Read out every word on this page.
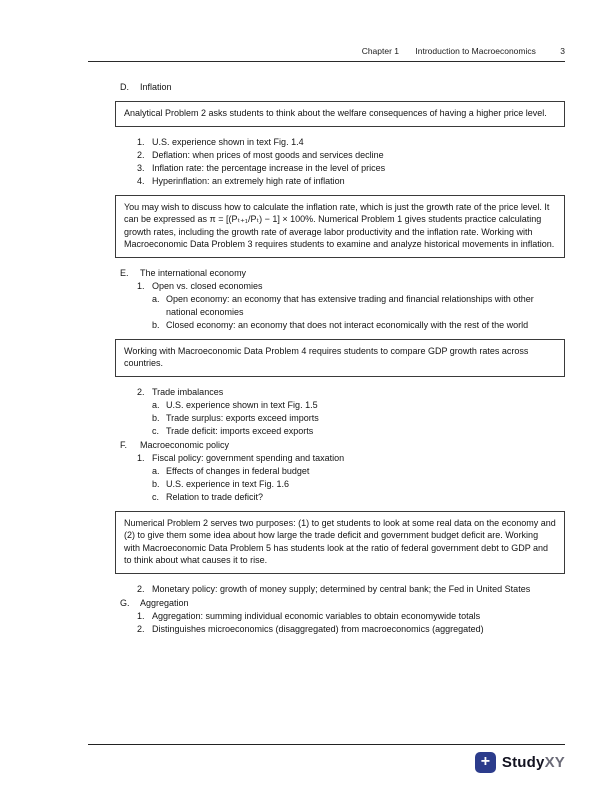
Chapter 1 Introduction to Macroeconomics	3
D.	Inflation
Analytical Problem 2 asks students to think about the welfare consequences of having a higher price level.
1. U.S. experience shown in text Fig. 1.4
2. Deflation: when prices of most goods and services decline
3. Inflation rate: the percentage increase in the level of prices
4. Hyperinflation: an extremely high rate of inflation
You may wish to discuss how to calculate the inflation rate, which is just the growth rate of the price level. It can be expressed as π = [(Pₜ₊₁/Pₜ) − 1] × 100%. Numerical Problem 1 gives students practice calculating growth rates, including the growth rate of average labor productivity and the inflation rate. Working with Macroeconomic Data Problem 3 requires students to examine and analyze historical movements in inflation.
E.	The international economy
1. Open vs. closed economies
a. Open economy: an economy that has extensive trading and financial relationships with other national economies
b. Closed economy: an economy that does not interact economically with the rest of the world
Working with Macroeconomic Data Problem 4 requires students to compare GDP growth rates across countries.
2. Trade imbalances
a. U.S. experience shown in text Fig. 1.5
b. Trade surplus: exports exceed imports
c. Trade deficit: imports exceed exports
F.	Macroeconomic policy
1. Fiscal policy: government spending and taxation
a. Effects of changes in federal budget
b. U.S. experience in text Fig. 1.6
c. Relation to trade deficit?
Numerical Problem 2 serves two purposes: (1) to get students to look at some real data on the economy and (2) to give them some idea about how large the trade deficit and government budget deficit are. Working with Macroeconomic Data Problem 5 has students look at the ratio of federal government debt to GDP and to think about what causes it to rise.
2. Monetary policy: growth of money supply; determined by central bank; the Fed in United States
G.	Aggregation
1. Aggregation: summing individual economic variables to obtain economywide totals
2. Distinguishes microeconomics (disaggregated) from macroeconomics (aggregated)
+ StudyXY
